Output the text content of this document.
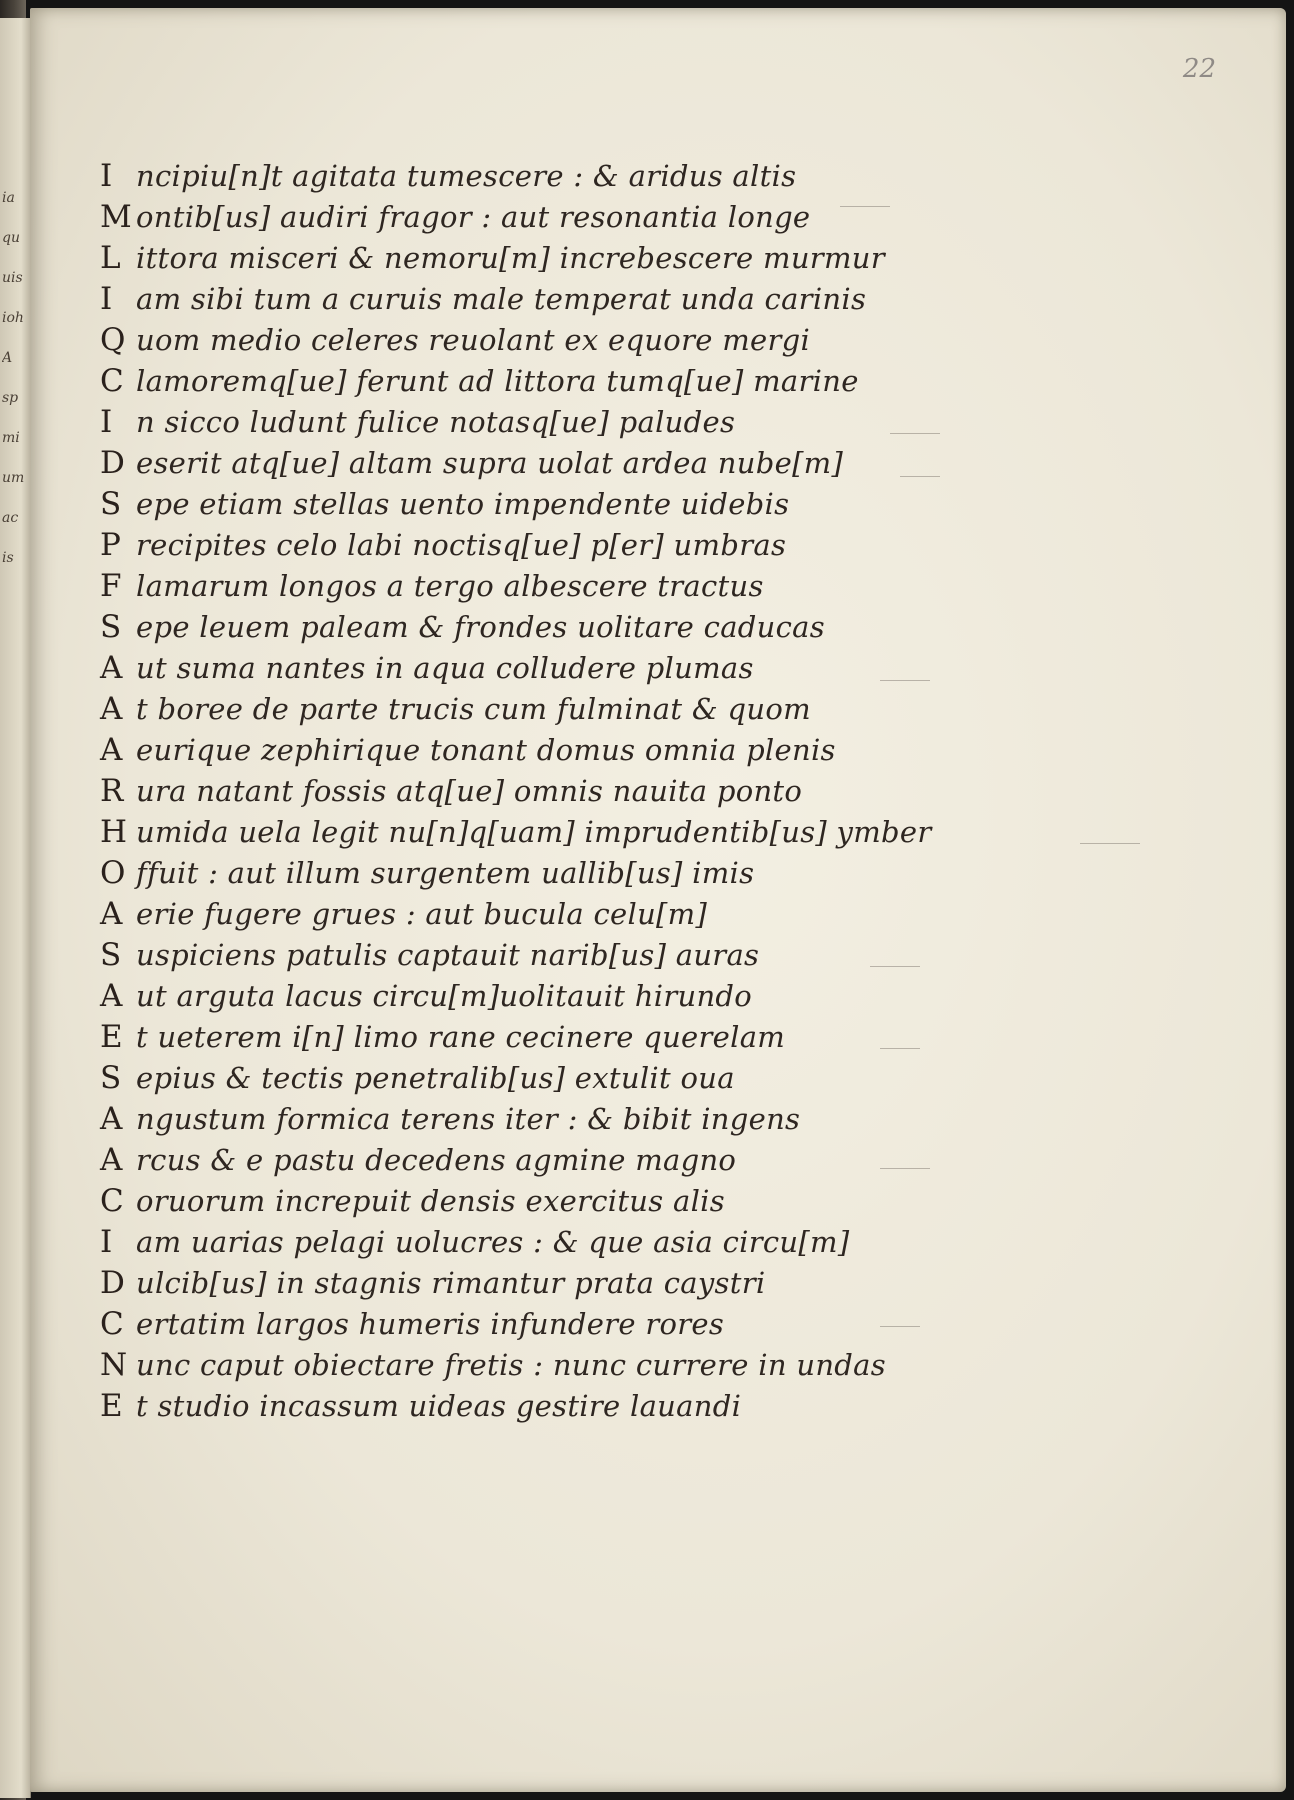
ia
qu
uis
ioh
A
sp
mi
um
ac
is
22
I ncipiu[n]t agitata tumescere : & aridus altis
M ontib[us] audiri fragor : aut resonantia longe
L ittora misceri & nemoru[m] increbescere murmur
I am sibi tum a curuis male temperat unda carinis
Q uom medio celeres reuolant ex equore mergi
C lamoremq[ue] ferunt ad littora tumq[ue] marine
I n sicco ludunt fulice notasq[ue] paludes
D eserit atq[ue] altam supra uolat ardea nube[m]
S epe etiam stellas uento impendente uidebis
P recipites celo labi noctisq[ue] p[er] umbras
F lamarum longos a tergo albescere tractus
S epe leuem paleam & frondes uolitare caducas
A ut suma nantes in aqua colludere plumas
A t boree de parte trucis cum fulminat & quom
A eurique zephirique tonant domus omnia plenis
R ura natant fossis atq[ue] omnis nauita ponto
H umida uela legit nu[n]q[uam] imprudentib[us] ymber
O ffuit : aut illum surgentem uallib[us] imis
A erie fugere grues : aut bucula celu[m]
S uspiciens patulis captauit narib[us] auras
A ut arguta lacus circu[m]uolitauit hirundo
E t ueterem i[n] limo rane cecinere querelam
S epius & tectis penetralib[us] extulit oua
A ngustum formica terens iter : & bibit ingens
A rcus & e pastu decedens agmine magno
C oruorum increpuit densis exercitus alis
I am uarias pelagi uolucres : & que asia circu[m]
D ulcib[us] in stagnis rimantur prata caystri
C ertatim largos humeris infundere rores
N unc caput obiectare fretis : nunc currere in undas
E t studio incassum uideas gestire lauandi
